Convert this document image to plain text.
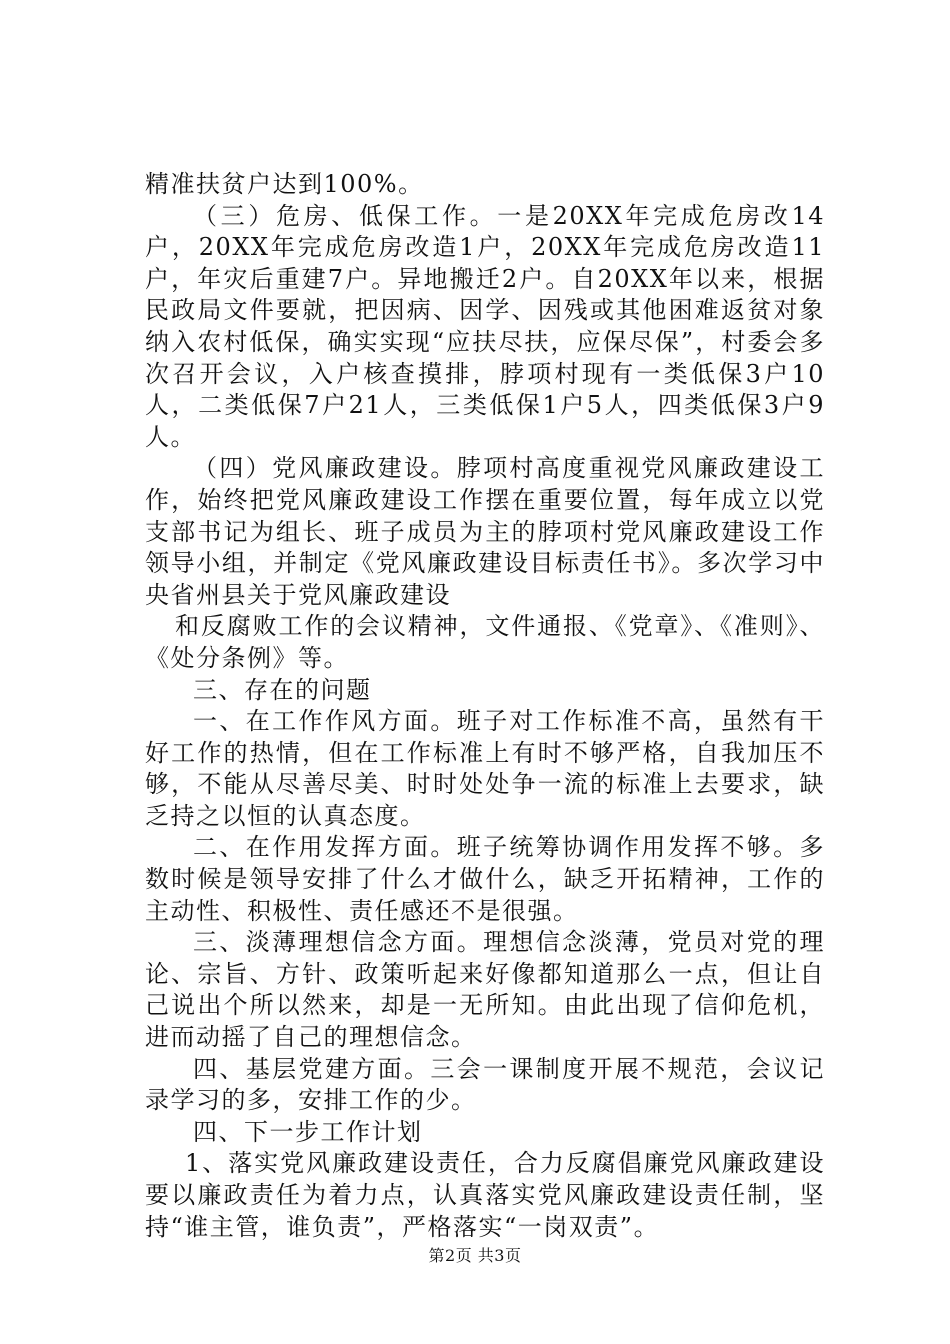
精准扶贫户达到100%。

（三）危房、低保工作。一是20XX年完成危房改14户，20XX年完成危房改造1户，20XX年完成危房改造11户，年灾后重建7户。异地搬迁2户。自20XX年以来，根据民政局文件要就，把因病、因学、因残或其他困难返贫对象纳入农村低保，确实实现“应扶尽扶，应保尽保”，村委会多次召开会议，入户核查摸排，脖项村现有一类低保3户10人，二类低保7户21人，三类低保1户5人，四类低保3户9人。

（四）党风廉政建设。脖项村高度重视党风廉政建设工作，始终把党风廉政建设工作摆在重要位置，每年成立以党支部书记为组长、班子成员为主的脖项村党风廉政建设工作领导小组，并制定《党风廉政建设目标责任书》。多次学习中央省州县关于党风廉政建设

和反腐败工作的会议精神，文件通报、《党章》、《准则》、《处分条例》等。

三、存在的问题

一、在工作作风方面。班子对工作标准不高，虽然有干好工作的热情，但在工作标准上有时不够严格，自我加压不够，不能从尽善尽美、时时处处争一流的标准上去要求，缺乏持之以恒的认真态度。

二、在作用发挥方面。班子统筹协调作用发挥不够。多数时候是领导安排了什么才做什么，缺乏开拓精神，工作的主动性、积极性、责任感还不是很强。

三、淡薄理想信念方面。理想信念淡薄，党员对党的理论、宗旨、方针、政策听起来好像都知道那么一点，但让自己说出个所以然来，却是一无所知。由此出现了信仰危机，进而动摇了自己的理想信念。

四、基层党建方面。三会一课制度开展不规范，会议记录学习的多，安排工作的少。

四、下一步工作计划

1、落实党风廉政建设责任，合力反腐倡廉党风廉政建设要以廉政责任为着力点，认真落实党风廉政建设责任制，坚持“谁主管，谁负责”，严格落实“一岗双责”。

第2页 共3页
